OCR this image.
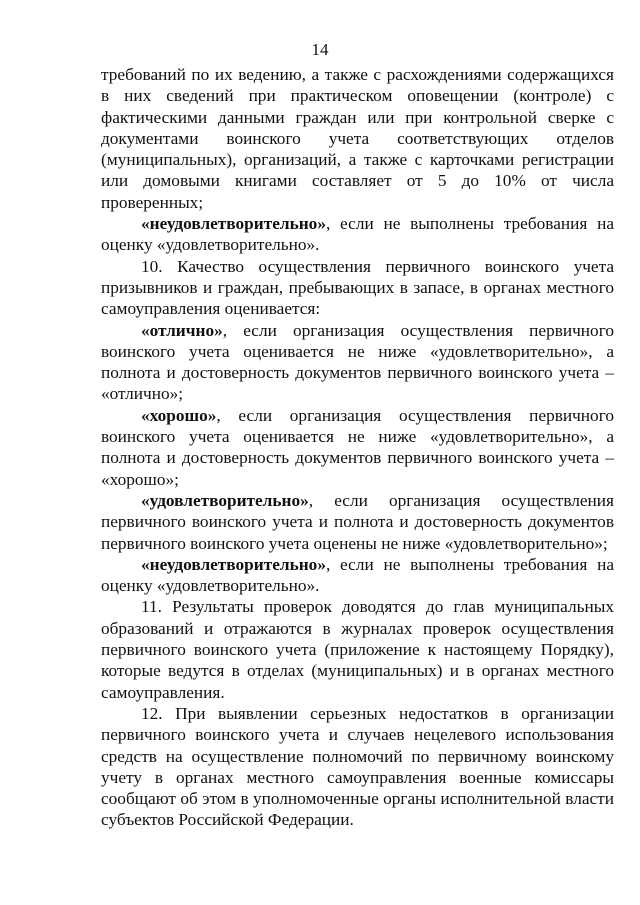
14

требований по их ведению, а также с расхождениями содержащихся в них сведений при практическом оповещении (контроле) с фактическими данными граждан или при контрольной сверке с документами воинского учета соответствующих отделов (муниципальных), организаций, а также с карточками регистрации или домовыми книгами составляет от 5 до 10% от числа проверенных;

«неудовлетворительно», если не выполнены требования на оценку «удовлетворительно».

10. Качество осуществления первичного воинского учета призывников и граждан, пребывающих в запасе, в органах местного самоуправления оценивается:

«отлично», если организация осуществления первичного воинского учета оценивается не ниже «удовлетворительно», а полнота и достоверность документов первичного воинского учета – «отлично»;

«хорошо», если организация осуществления первичного воинского учета оценивается не ниже «удовлетворительно», а полнота и достоверность документов первичного воинского учета – «хорошо»;

«удовлетворительно», если организация осуществления первичного воинского учета и полнота и достоверность документов первичного воинского учета оценены не ниже «удовлетворительно»;

«неудовлетворительно», если не выполнены требования на оценку «удовлетворительно».

11. Результаты проверок доводятся до глав муниципальных образований и отражаются в журналах проверок осуществления первичного воинского учета (приложение к настоящему Порядку), которые ведутся в отделах (муниципальных) и в органах местного самоуправления.

12. При выявлении серьезных недостатков в организации первичного воинского учета и случаев нецелевого использования средств на осуществление полномочий по первичному воинскому учету в органах местного самоуправления военные комиссары сообщают об этом в уполномоченные органы исполнительной власти субъектов Российской Федерации.
